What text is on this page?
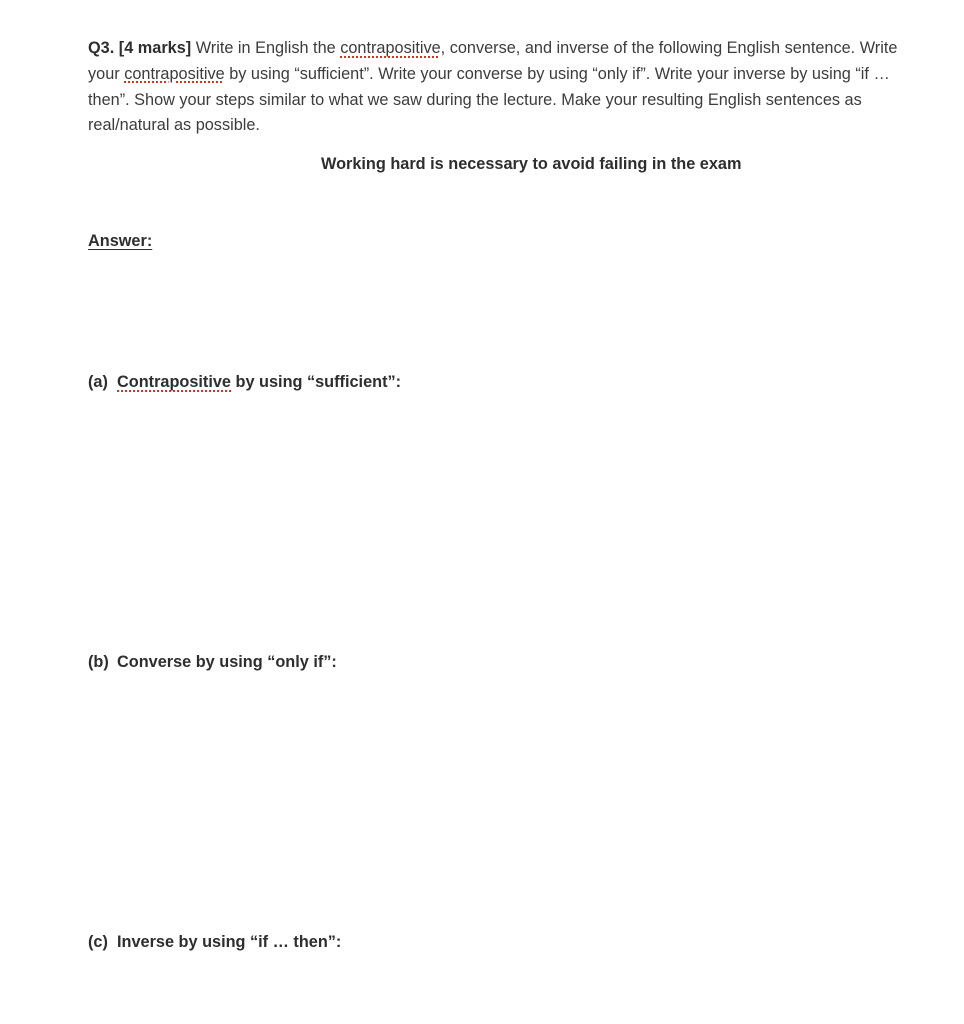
Q3. [4 marks] Write in English the contrapositive, converse, and inverse of the following English sentence. Write
your contrapositive by using “sufficient”. Write your converse by using “only if”. Write your inverse by using “if …
then”. Show your steps similar to what we saw during the lecture. Make your resulting English sentences as
real/natural as possible.
Working hard is necessary to avoid failing in the exam
Answer:
(a) Contrapositive by using “sufficient”:
(b) Converse by using “only if”:
(c) Inverse by using “if … then”:
